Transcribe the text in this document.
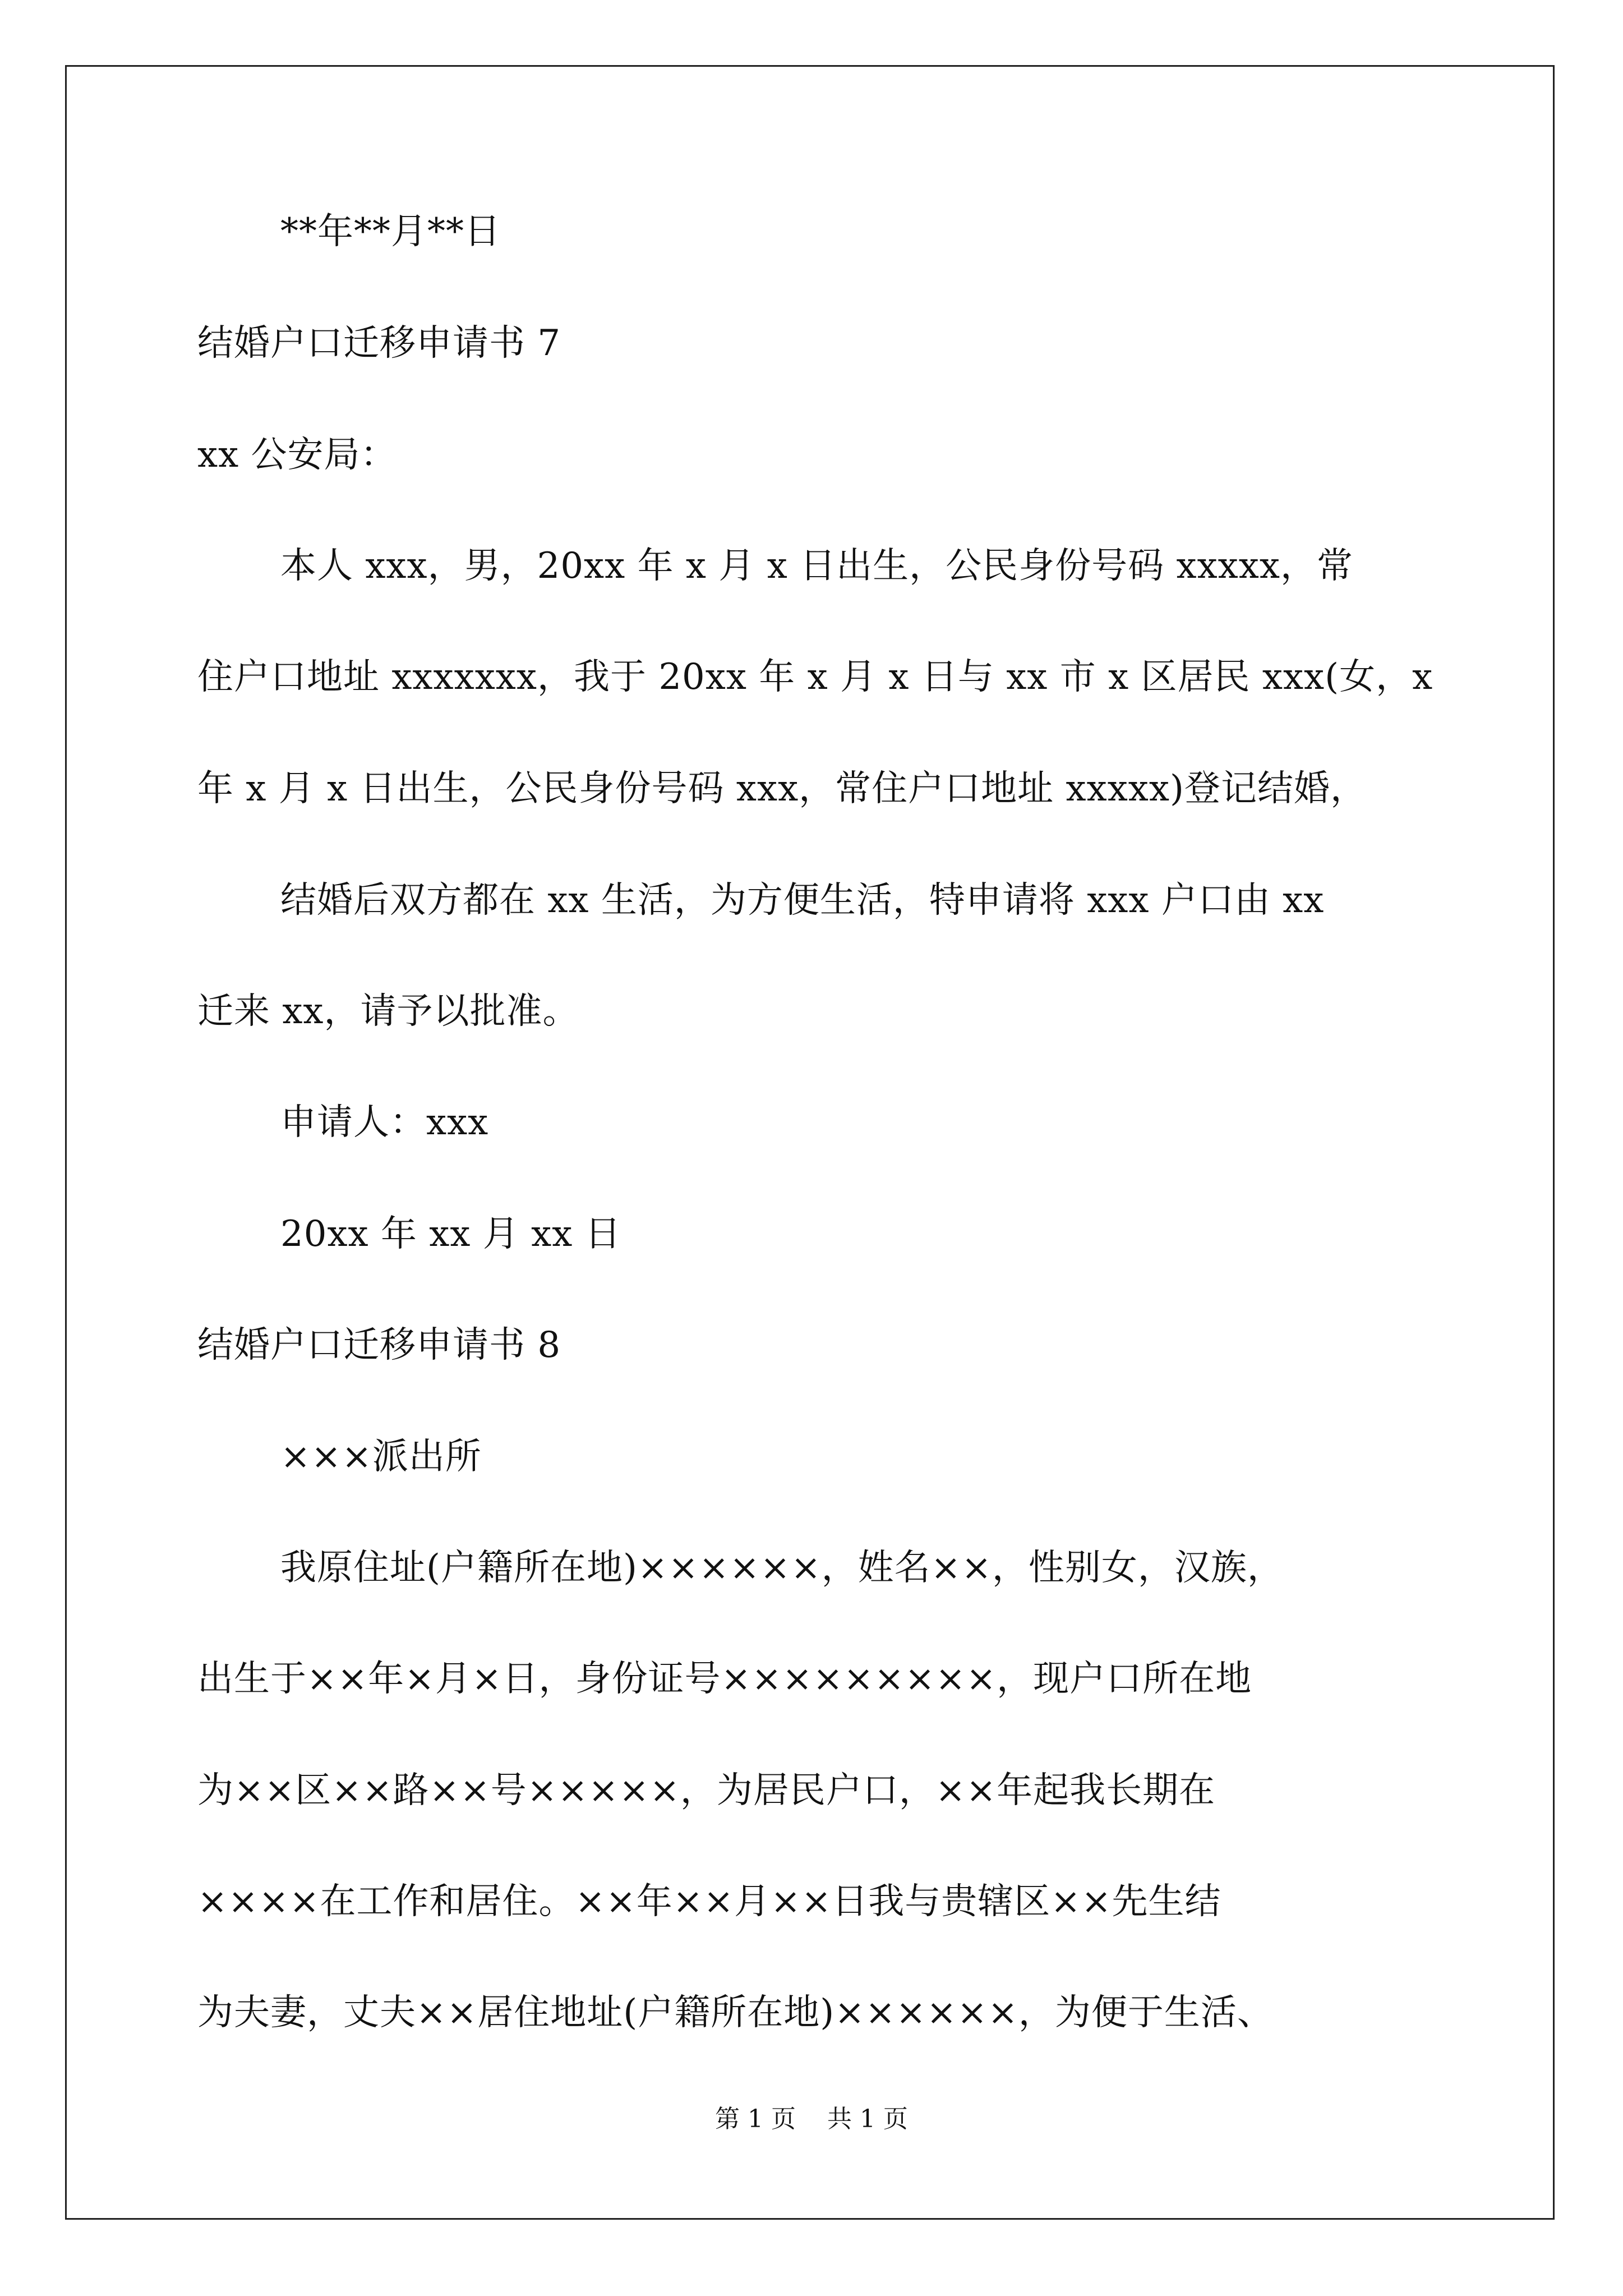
**年**月**日
结婚户口迁移申请书 7
xx 公安局：
本人 xxx，男，20xx 年 x 月 x 日出生，公民身份号码 xxxxx，常
住户口地址 xxxxxxx，我于 20xx 年 x 月 x 日与 xx 市 x 区居民 xxx(女，x
年 x 月 x 日出生，公民身份号码 xxx，常住户口地址 xxxxx)登记结婚，
结婚后双方都在 xx 生活，为方便生活，特申请将 xxx 户口由 xx
迁来 xx，请予以批准。
申请人：xxx
20xx 年 xx 月 xx 日
结婚户口迁移申请书 8
×××派出所
我原住址(户籍所在地)××××××，姓名××，性别女，汉族，
出生于××年×月×日，身份证号×××××××××，现户口所在地
为××区××路××号×××××，为居民户口，××年起我长期在
××××在工作和居住。××年××月××日我与贵辖区××先生结
为夫妻，丈夫××居住地址(户籍所在地)××××××，为便于生活、
第 1 页    共 1 页
